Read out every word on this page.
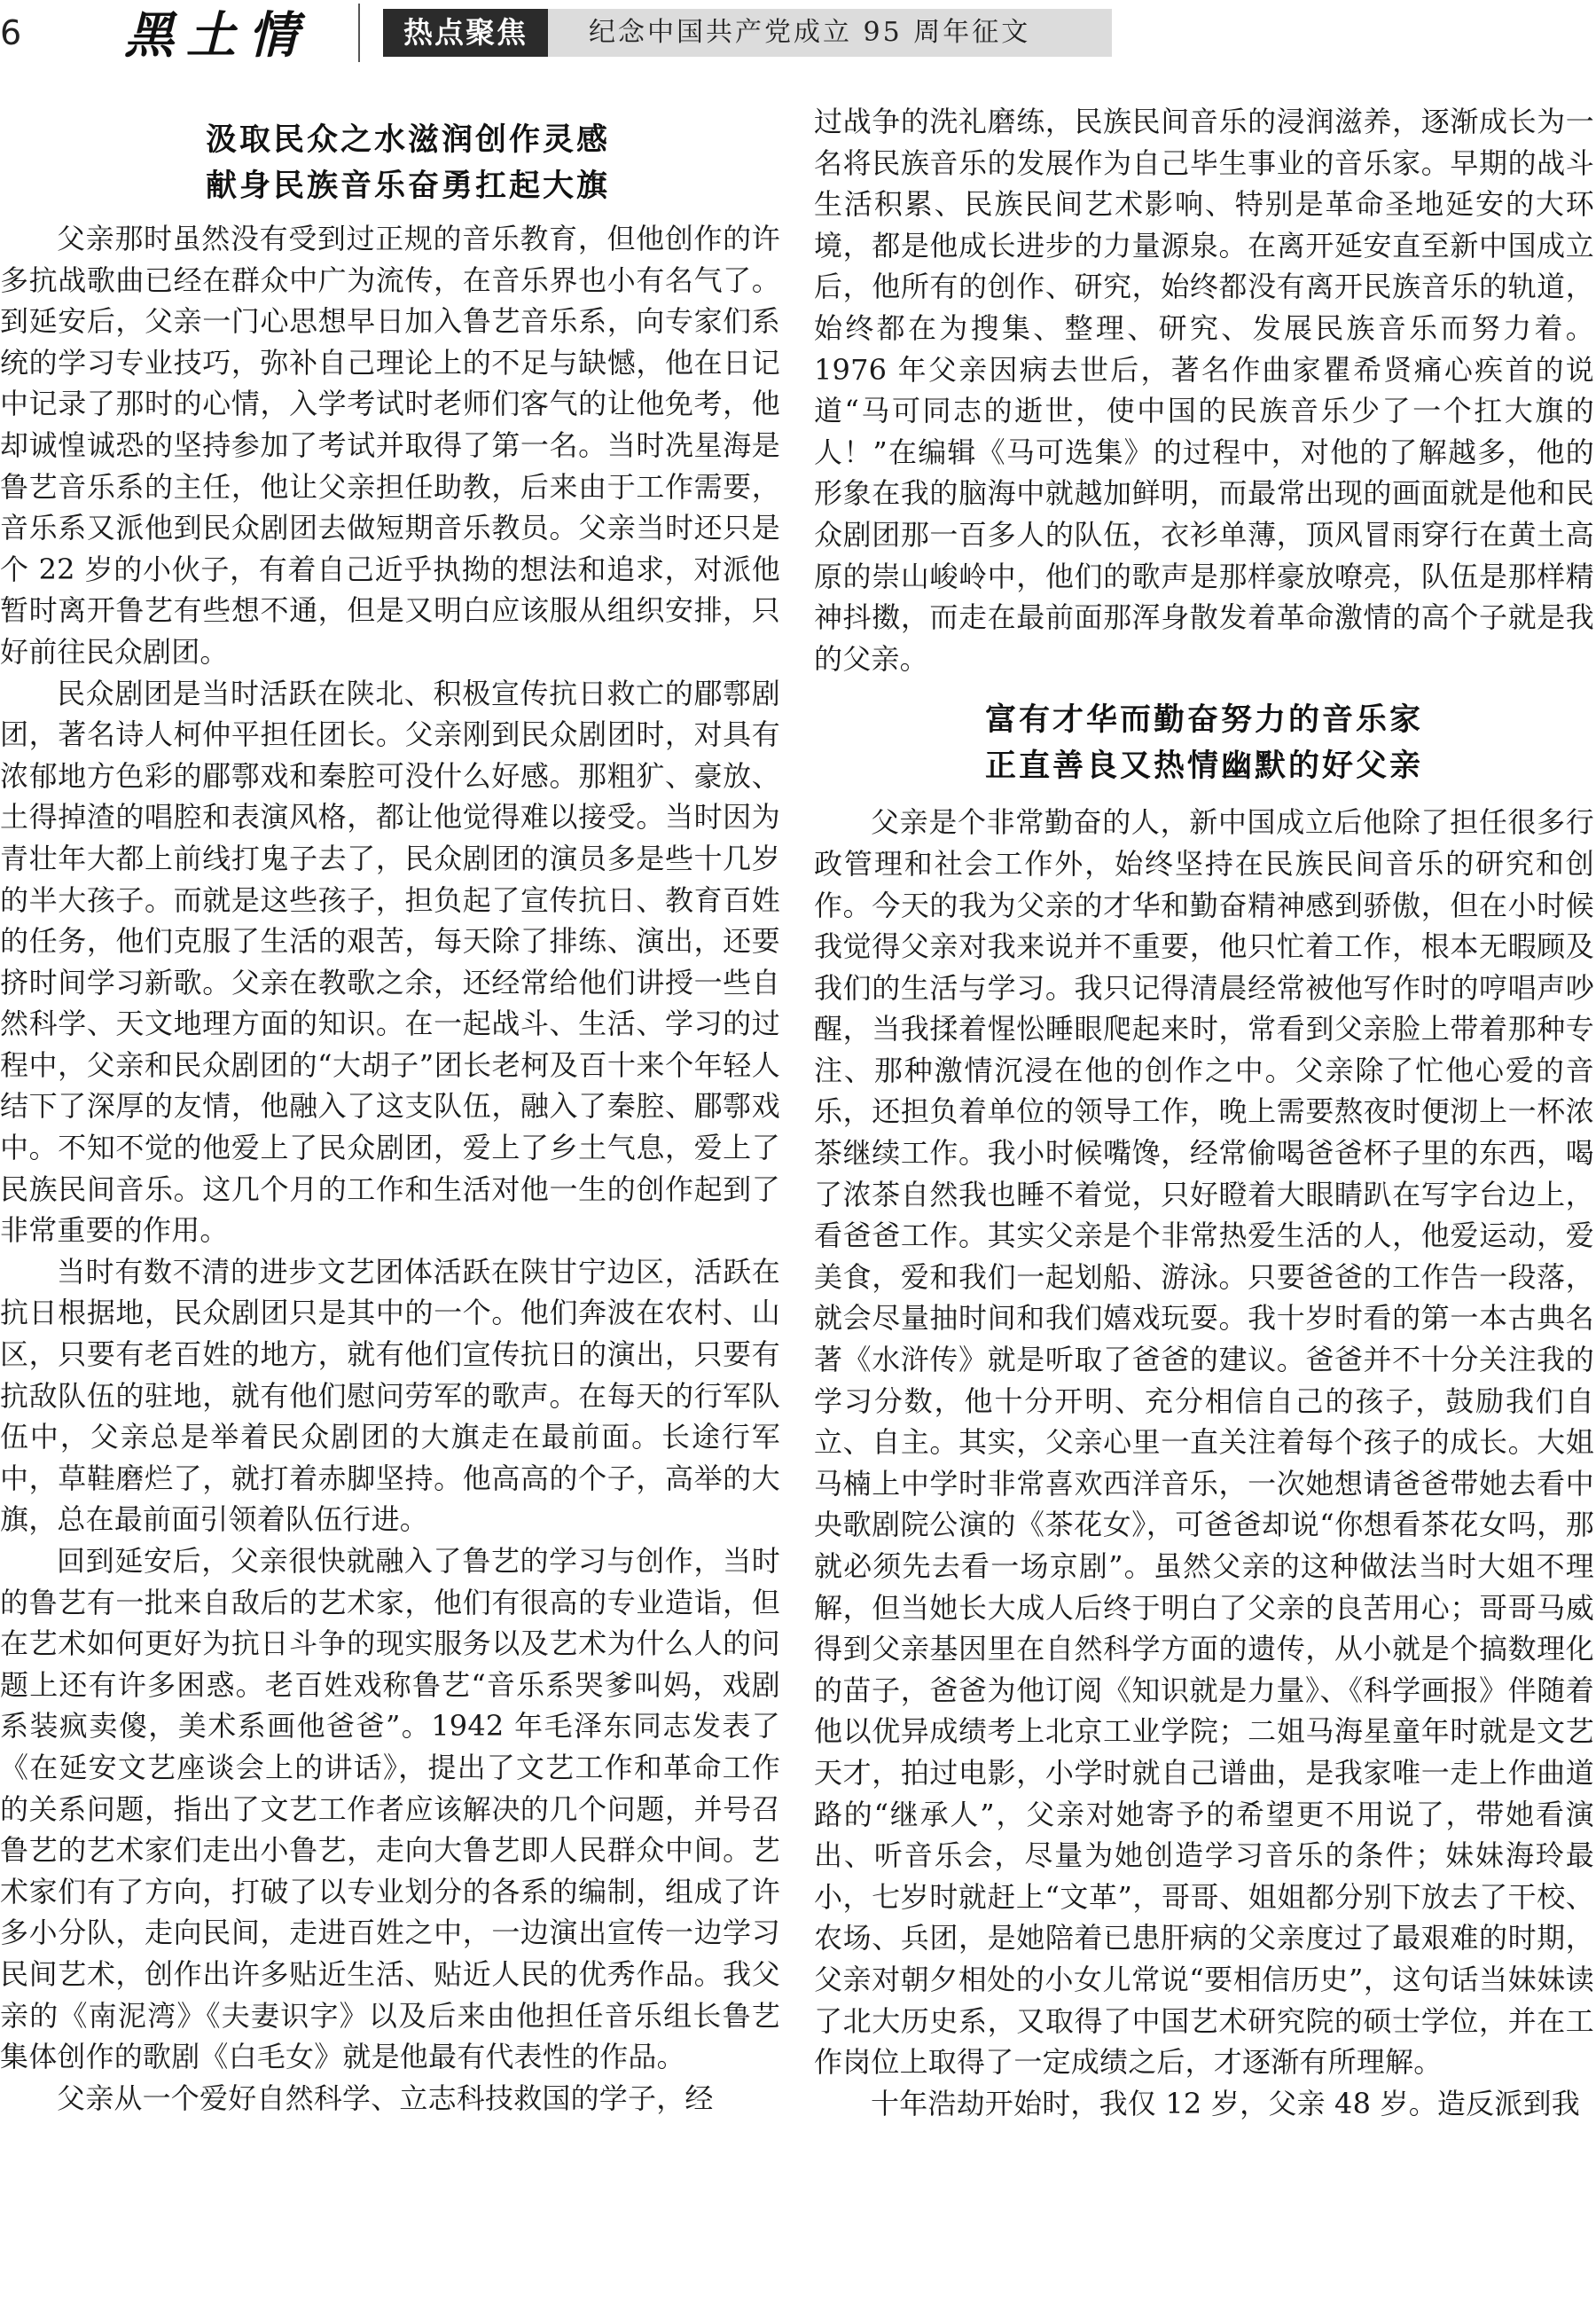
6 黑土情	热点聚焦	纪念中国共产党成立 95 周年征文
汲取民众之水滋润创作灵感
献身民族音乐奋勇扛起大旗

父亲那时虽然没有受到过正规的音乐教育，但他创作的许多抗战歌曲已经在群众中广为流传，在音乐界也小有名气了。到延安后，父亲一门心思想早日加入鲁艺音乐系，向专家们系统的学习专业技巧，弥补自己理论上的不足与缺憾，他在日记中记录了那时的心情，入学考试时老师们客气的让他免考，他却诚惶诚恐的坚持参加了考试并取得了第一名。当时冼星海是鲁艺音乐系的主任，他让父亲担任助教，后来由于工作需要，音乐系又派他到民众剧团去做短期音乐教员。父亲当时还只是个 22 岁的小伙子，有着自己近乎执拗的想法和追求，对派他暂时离开鲁艺有些想不通，但是又明白应该服从组织安排，只好前往民众剧团。

民众剧团是当时活跃在陕北、积极宣传抗日救亡的郿鄠剧团，著名诗人柯仲平担任团长。父亲刚到民众剧团时，对具有浓郁地方色彩的郿鄠戏和秦腔可没什么好感。那粗犷、豪放、土得掉渣的唱腔和表演风格，都让他觉得难以接受。当时因为青壮年大都上前线打鬼子去了，民众剧团的演员多是些十几岁的半大孩子。而就是这些孩子，担负起了宣传抗日、教育百姓的任务，他们克服了生活的艰苦，每天除了排练、演出，还要挤时间学习新歌。父亲在教歌之余，还经常给他们讲授一些自然科学、天文地理方面的知识。在一起战斗、生活、学习的过程中，父亲和民众剧团的“大胡子”团长老柯及百十来个年轻人结下了深厚的友情，他融入了这支队伍，融入了秦腔、郿鄠戏中。不知不觉的他爱上了民众剧团，爱上了乡土气息，爱上了民族民间音乐。这几个月的工作和生活对他一生的创作起到了非常重要的作用。

当时有数不清的进步文艺团体活跃在陕甘宁边区，活跃在抗日根据地，民众剧团只是其中的一个。他们奔波在农村、山区，只要有老百姓的地方，就有他们宣传抗日的演出，只要有抗敌队伍的驻地，就有他们慰问劳军的歌声。在每天的行军队伍中，父亲总是举着民众剧团的大旗走在最前面。长途行军中，草鞋磨烂了，就打着赤脚坚持。他高高的个子，高举的大旗，总在最前面引领着队伍行进。

回到延安后，父亲很快就融入了鲁艺的学习与创作，当时的鲁艺有一批来自敌后的艺术家，他们有很高的专业造诣，但在艺术如何更好为抗日斗争的现实服务以及艺术为什么人的问题上还有许多困惑。老百姓戏称鲁艺“音乐系哭爹叫妈，戏剧系装疯卖傻，美术系画他爸爸”。1942 年毛泽东同志发表了《在延安文艺座谈会上的讲话》，提出了文艺工作和革命工作的关系问题，指出了文艺工作者应该解决的几个问题，并号召鲁艺的艺术家们走出小鲁艺，走向大鲁艺即人民群众中间。艺术家们有了方向，打破了以专业划分的各系的编制，组成了许多小分队，走向民间，走进百姓之中，一边演出宣传一边学习民间艺术，创作出许多贴近生活、贴近人民的优秀作品。我父亲的《南泥湾》《夫妻识字》以及后来由他担任音乐组长鲁艺集体创作的歌剧《白毛女》就是他最有代表性的作品。

父亲从一个爱好自然科学、立志科技救国的学子，经

过战争的洗礼磨练，民族民间音乐的浸润滋养，逐渐成长为一名将民族音乐的发展作为自己毕生事业的音乐家。早期的战斗生活积累、民族民间艺术影响、特别是革命圣地延安的大环境，都是他成长进步的力量源泉。在离开延安直至新中国成立后，他所有的创作、研究，始终都没有离开民族音乐的轨道，始终都在为搜集、整理、研究、发展民族音乐而努力着。1976 年父亲因病去世后，著名作曲家瞿希贤痛心疾首的说道“马可同志的逝世，使中国的民族音乐少了一个扛大旗的人！”在编辑《马可选集》的过程中，对他的了解越多，他的形象在我的脑海中就越加鲜明，而最常出现的画面就是他和民众剧团那一百多人的队伍，衣衫单薄，顶风冒雨穿行在黄土高原的崇山峻岭中，他们的歌声是那样豪放嘹亮，队伍是那样精神抖擞，而走在最前面那浑身散发着革命激情的高个子就是我的父亲。

富有才华而勤奋努力的音乐家
正直善良又热情幽默的好父亲

父亲是个非常勤奋的人，新中国成立后他除了担任很多行政管理和社会工作外，始终坚持在民族民间音乐的研究和创作。今天的我为父亲的才华和勤奋精神感到骄傲，但在小时候我觉得父亲对我来说并不重要，他只忙着工作，根本无暇顾及我们的生活与学习。我只记得清晨经常被他写作时的哼唱声吵醒，当我揉着惺忪睡眼爬起来时，常看到父亲脸上带着那种专注、那种激情沉浸在他的创作之中。父亲除了忙他心爱的音乐，还担负着单位的领导工作，晚上需要熬夜时便沏上一杯浓茶继续工作。我小时候嘴馋，经常偷喝爸爸杯子里的东西，喝了浓茶自然我也睡不着觉，只好瞪着大眼睛趴在写字台边上，看爸爸工作。其实父亲是个非常热爱生活的人，他爱运动，爱美食，爱和我们一起划船、游泳。只要爸爸的工作告一段落，就会尽量抽时间和我们嬉戏玩耍。我十岁时看的第一本古典名著《水浒传》就是听取了爸爸的建议。爸爸并不十分关注我的学习分数，他十分开明、充分相信自己的孩子，鼓励我们自立、自主。其实，父亲心里一直关注着每个孩子的成长。大姐马楠上中学时非常喜欢西洋音乐，一次她想请爸爸带她去看中央歌剧院公演的《茶花女》，可爸爸却说“你想看茶花女吗，那就必须先去看一场京剧”。虽然父亲的这种做法当时大姐不理解，但当她长大成人后终于明白了父亲的良苦用心；哥哥马威得到父亲基因里在自然科学方面的遗传，从小就是个搞数理化的苗子，爸爸为他订阅《知识就是力量》、《科学画报》伴随着他以优异成绩考上北京工业学院；二姐马海星童年时就是文艺天才，拍过电影，小学时就自己谱曲，是我家唯一走上作曲道路的“继承人”，父亲对她寄予的希望更不用说了，带她看演出、听音乐会，尽量为她创造学习音乐的条件；妹妹海玲最小，七岁时就赶上“文革”，哥哥、姐姐都分别下放去了干校、农场、兵团，是她陪着已患肝病的父亲度过了最艰难的时期，父亲对朝夕相处的小女儿常说“要相信历史”，这句话当妹妹读了北大历史系，又取得了中国艺术研究院的硕士学位，并在工作岗位上取得了一定成绩之后，才逐渐有所理解。

十年浩劫开始时，我仅 12 岁，父亲 48 岁。造反派到我
